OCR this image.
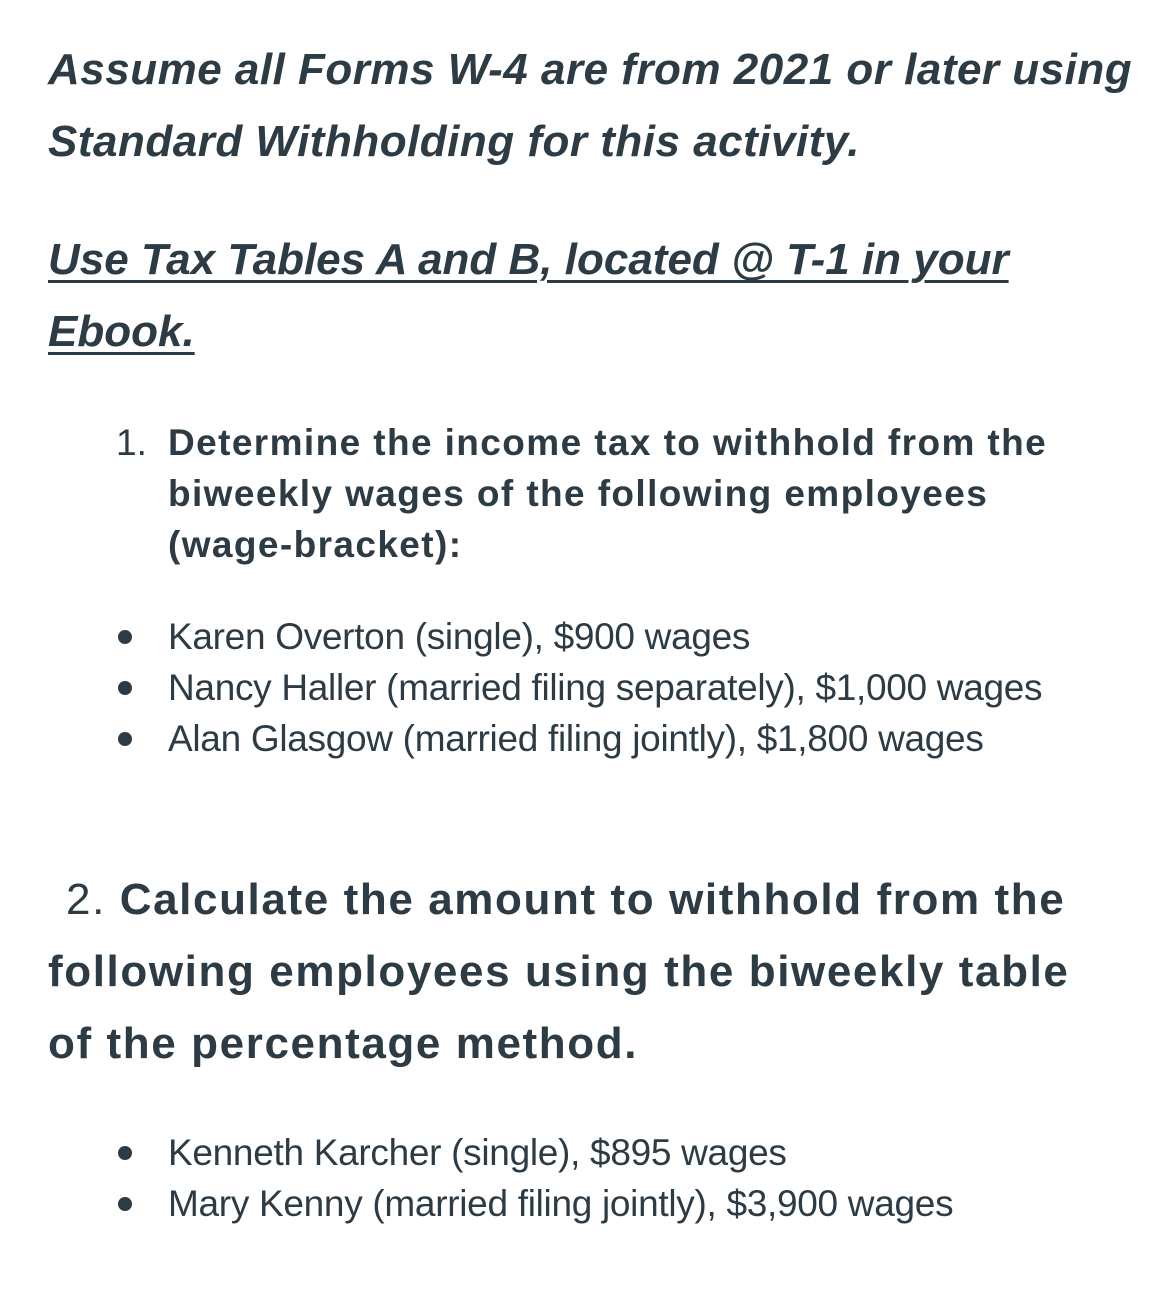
Assume all Forms W-4 are from 2021 or later using Standard Withholding for this activity.

Use Tax Tables A and B, located @ T-1 in your Ebook.

1. Determine the income tax to withhold from the biweekly wages of the following employees (wage-bracket):
Karen Overton (single), $900 wages
Nancy Haller (married filing separately), $1,000 wages
Alan Glasgow (married filing jointly), $1,800 wages

2. Calculate the amount to withhold from the following employees using the biweekly table of the percentage method.

Kenneth Karcher (single), $895 wages
Mary Kenny (married filing jointly), $3,900 wages
